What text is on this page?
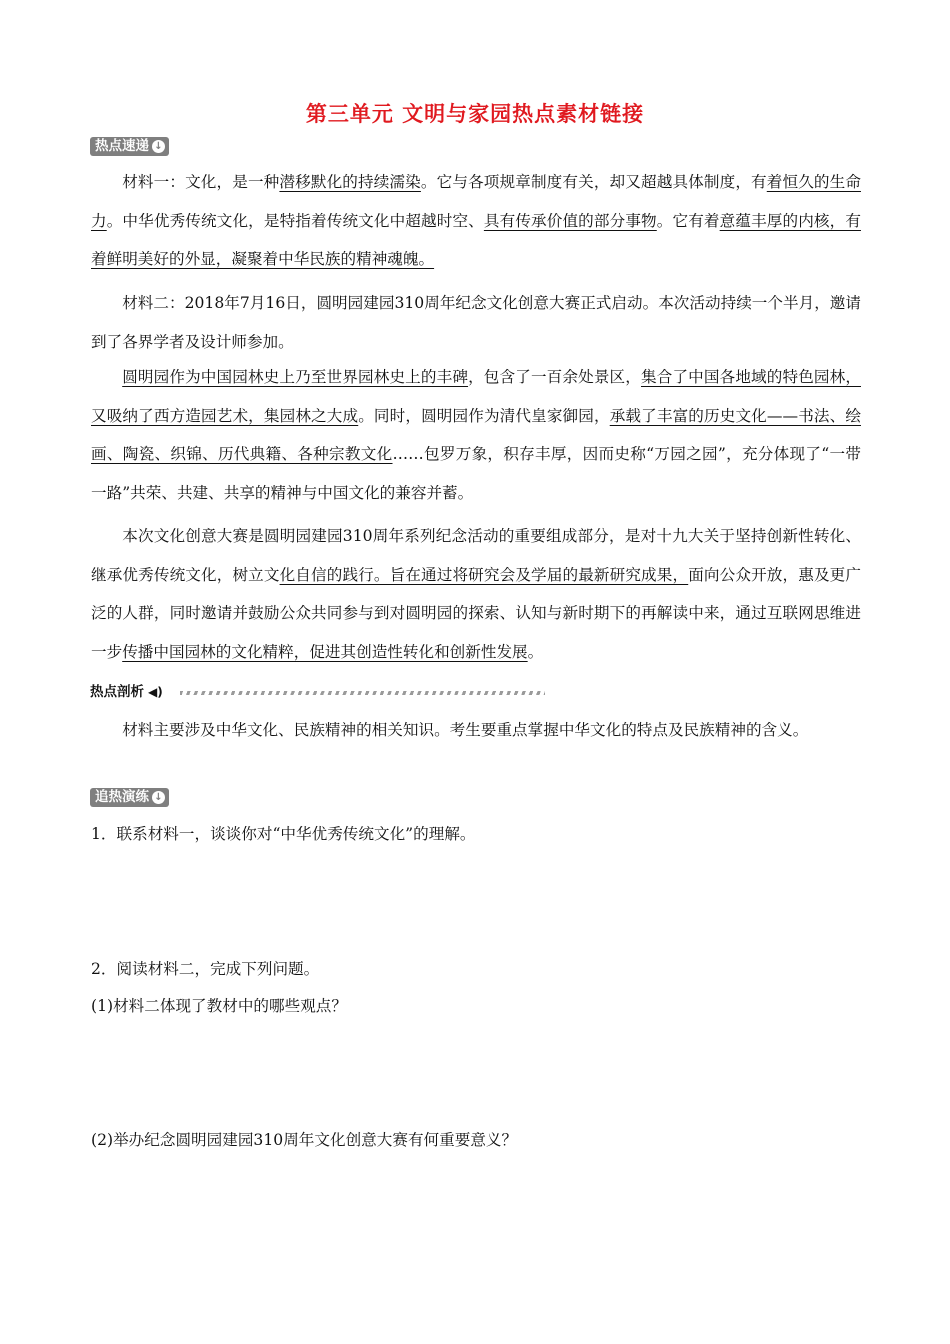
第三单元 文明与家园热点素材链接
热点速递 ↓

材料一：文化，是一种潜移默化的持续濡染。它与各项规章制度有关，却又超越具体制度，有着恒久的生命力。中华优秀传统文化，是特指着传统文化中超越时空、具有传承价值的部分事物。它有着意蕴丰厚的内核，有着鲜明美好的外显，凝聚着中华民族的精神魂魄。

材料二：2018年7月16日，圆明园建园310周年纪念文化创意大赛正式启动。本次活动持续一个半月，邀请到了各界学者及设计师参加。

圆明园作为中国园林史上乃至世界园林史上的丰碑，包含了一百余处景区，集合了中国各地域的特色园林，又吸纳了西方造园艺术，集园林之大成。同时，圆明园作为清代皇家御园，承载了丰富的历史文化——书法、绘画、陶瓷、织锦、历代典籍、各种宗教文化……包罗万象，积存丰厚，因而史称“万园之园”，充分体现了“一带一路”共荣、共建、共享的精神与中国文化的兼容并蓄。

本次文化创意大赛是圆明园建园310周年系列纪念活动的重要组成部分，是对十九大关于坚持创新性转化、继承优秀传统文化，树立文化自信的践行。旨在通过将研究会及学届的最新研究成果，面向公众开放，惠及更广泛的人群，同时邀请并鼓励公众共同参与到对圆明园的探索、认知与新时期下的再解读中来，通过互联网思维进一步传播中国园林的文化精粹，促进其创造性转化和创新性发展。

热点剖析 ◀)

材料主要涉及中华文化、民族精神的相关知识。考生要重点掌握中华文化的特点及民族精神的含义。

追热演练 ↓

1．联系材料一，谈谈你对“中华优秀传统文化”的理解。

2．阅读材料二，完成下列问题。

(1)材料二体现了教材中的哪些观点？

(2)举办纪念圆明园建园310周年文化创意大赛有何重要意义？
